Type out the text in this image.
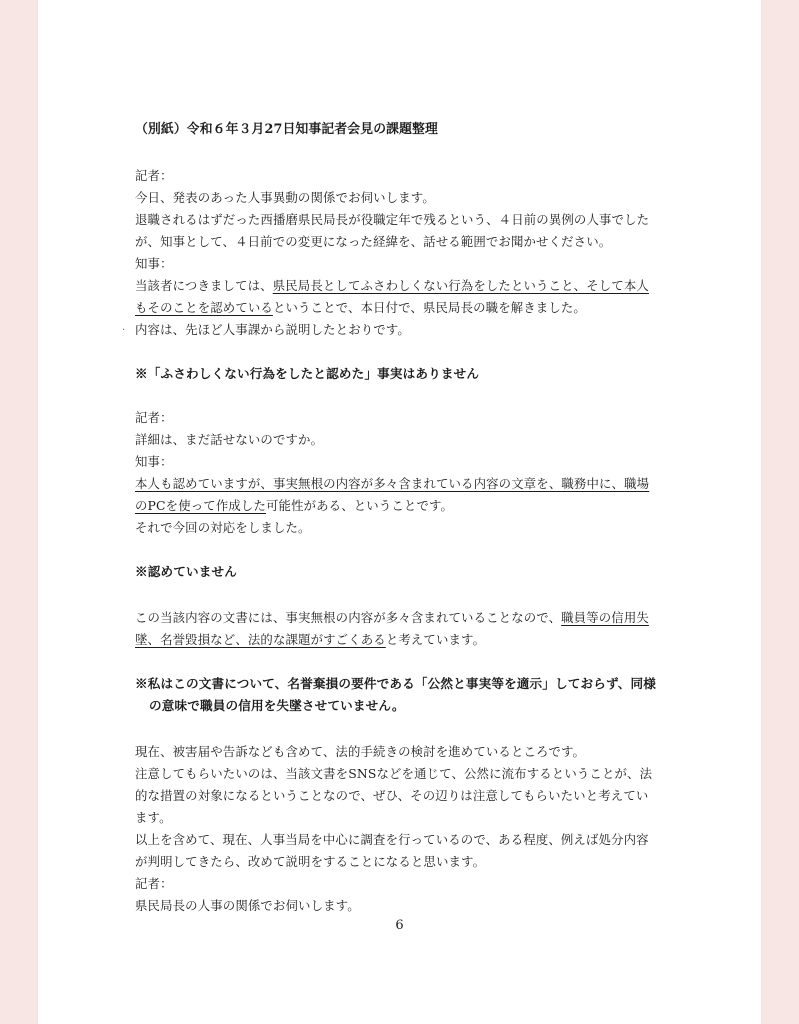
·

（別紙）令和６年３月27日知事記者会見の課題整理

記者：

今日、発表のあった人事異動の関係でお伺いします。

退職されるはずだった西播磨県民局長が役職定年で残るという、４日前の異例の人事でした

が、知事として、４日前での変更になった経緯を、話せる範囲でお聞かせください。

知事：

当該者につきましては、県民局長としてふさわしくない行為をしたということ、そして本人

もそのことを認めているということで、本日付で、県民局長の職を解きました。

内容は、先ほど人事課から説明したとおりです。

※「ふさわしくない行為をしたと認めた」事実はありません

記者：

詳細は、まだ話せないのですか。

知事：

本人も認めていますが、事実無根の内容が多々含まれている内容の文章を、職務中に、職場

のPCを使って作成した可能性がある、ということです。

それで今回の対応をしました。

※認めていません

この当該内容の文書には、事実無根の内容が多々含まれていることなので、職員等の信用失

墜、名誉毀損など、法的な課題がすごくあると考えています。

※私はこの文書について、名誉棄損の要件である「公然と事実等を適示」しておらず、同様

の意味で職員の信用を失墜させていません。

現在、被害届や告訴なども含めて、法的手続きの検討を進めているところです。

注意してもらいたいのは、当該文書をSNSなどを通じて、公然に流布するということが、法

的な措置の対象になるということなので、ぜひ、その辺りは注意してもらいたいと考えてい

ます。

以上を含めて、現在、人事当局を中心に調査を行っているので、ある程度、例えば処分内容

が判明してきたら、改めて説明をすることになると思います。

記者：

県民局長の人事の関係でお伺いします。

6
